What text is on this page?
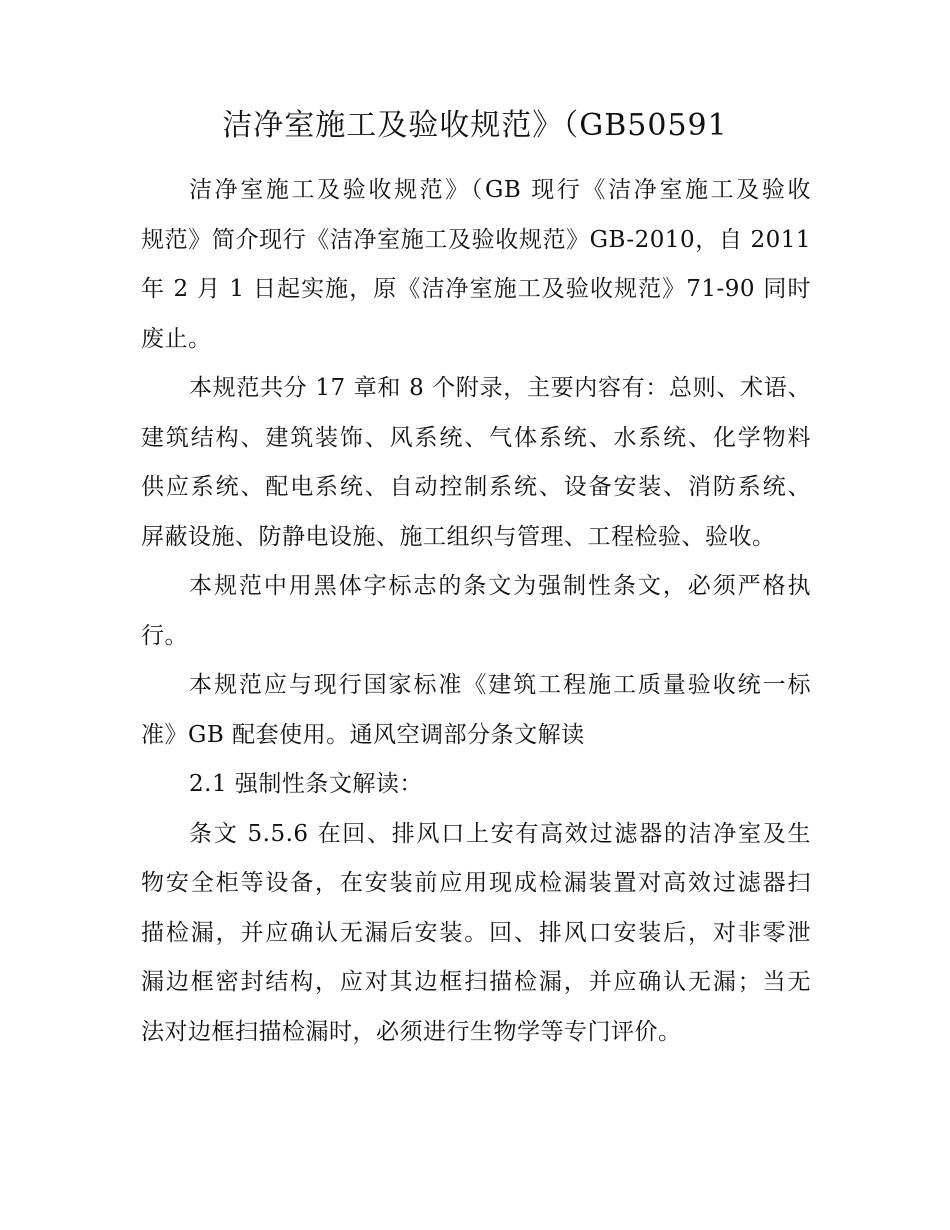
洁净室施工及验收规范》（GB50591
洁净室施工及验收规范》（GB 现行《洁净室施工及验收
规范》简介现行《洁净室施工及验收规范》GB-2010，自 2011
年 2 月 1 日起实施，原《洁净室施工及验收规范》71-90 同时
废止。
本规范共分 17 章和 8 个附录，主要内容有：总则、术语、
建筑结构、建筑装饰、风系统、气体系统、水系统、化学物料
供应系统、配电系统、自动控制系统、设备安装、消防系统、
屏蔽设施、防静电设施、施工组织与管理、工程检验、验收。
本规范中用黑体字标志的条文为强制性条文，必须严格执
行。
本规范应与现行国家标准《建筑工程施工质量验收统一标
准》GB 配套使用。通风空调部分条文解读
2.1 强制性条文解读：
条文 5.5.6 在回、排风口上安有高效过滤器的洁净室及生
物安全柜等设备，在安装前应用现成检漏装置对高效过滤器扫
描检漏，并应确认无漏后安装。回、排风口安装后，对非零泄
漏边框密封结构，应对其边框扫描检漏，并应确认无漏；当无
法对边框扫描检漏时，必须进行生物学等专门评价。
